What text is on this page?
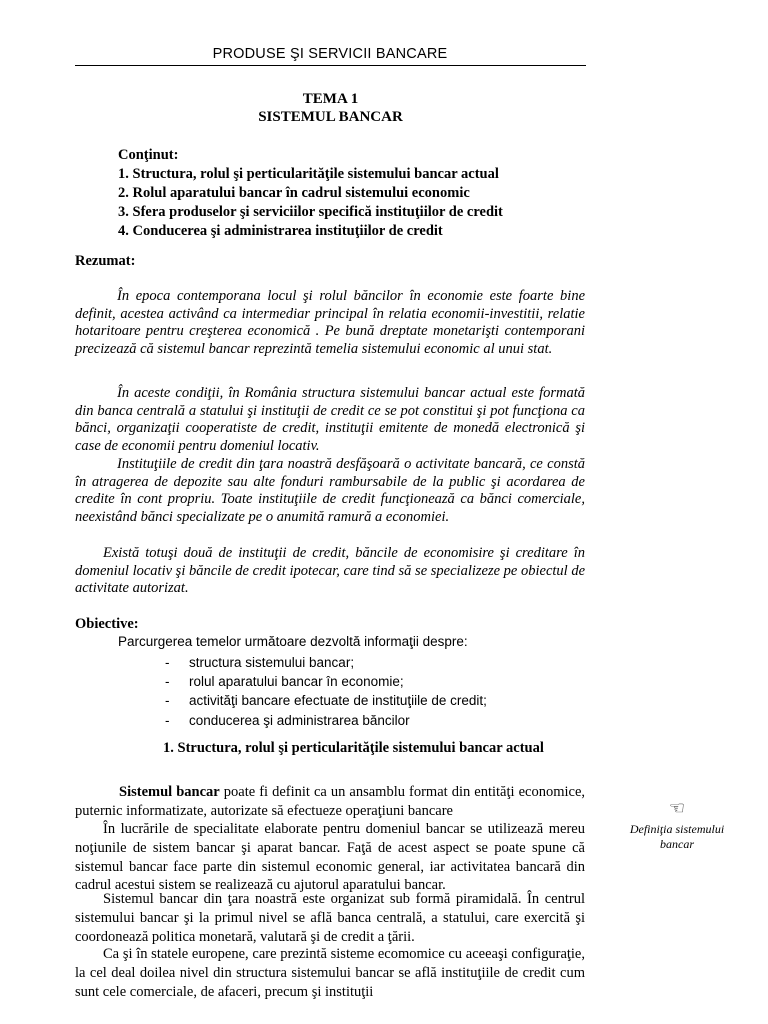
PRODUSE ŞI SERVICII BANCARE
TEMA 1
SISTEMUL BANCAR
Conţinut:
1. Structura, rolul şi perticularităţile sistemului bancar actual
2. Rolul aparatului bancar în cadrul sistemului economic
3. Sfera produselor şi serviciilor specifică instituţiilor de credit
4. Conducerea şi administrarea instituţiilor de credit
Rezumat:

În epoca contemporana locul şi rolul băncilor în economie este foarte bine definit, acestea activând ca intermediar principal în relatia economii-investitii, relatie hotaritoare pentru creşterea economică . Pe bună dreptate monetarişti contemporani precizează că sistemul bancar reprezintă temelia sistemului economic al unui stat.

În aceste condiţii, în România structura sistemului bancar actual este formată din banca centrală a statului şi instituţii de credit ce se pot constitui şi pot funcţiona ca bănci, organizaţii cooperatiste de credit, instituţii emitente de monedă electronică şi case de economii pentru domeniul locativ.

Instituţiile de credit din ţara noastră desfăşoară o activitate bancară, ce constă în atragerea de depozite sau alte fonduri rambursabile de la public şi acordarea de credite în cont propriu. Toate instituţiile de credit funcţionează ca bănci comerciale, neexistând bănci specializate pe o anumită ramură a economiei.

Există totuşi două de instituţii de credit, băncile de economisire şi creditare în domeniul locativ şi băncile de credit ipotecar, care tind să se specializeze pe obiectul de activitate autorizat.

Obiective:
Parcurgerea temelor următoare dezvoltă informaţii despre:
- structura sistemului bancar;
- rolul aparatului bancar în economie;
- activităţi bancare efectuate de instituţiile de credit;
- conducerea şi administrarea băncilor
1. Structura, rolul şi perticularităţile sistemului bancar actual

Sistemul bancar poate fi definit ca un ansamblu format din entităţi economice, puternic informatizate, autorizate să efectueze operaţiuni bancare

În lucrările de specialitate elaborate pentru domeniul bancar se utilizează mereu noţiunile de sistem bancar şi aparat bancar. Faţă de acest aspect se poate spune că sistemul bancar face parte din sistemul economic general, iar activitatea bancară din cadrul acestui sistem se realizează cu ajutorul aparatului bancar.

Sistemul bancar din ţara noastră este organizat sub formă piramidală. În centrul sistemului bancar şi la primul nivel se află banca centrală, a statului, care exercită şi coordonează politica monetară, valutară şi de credit a ţării.

Ca şi în statele europene, care prezintă sisteme ecomomice cu aceeaşi configuraţie, la cel deal doilea nivel din structura sistemului bancar se află instituţiile de credit cum sunt cele comerciale, de afaceri, precum şi instituţii

☜
Definiţia sistemului bancar
